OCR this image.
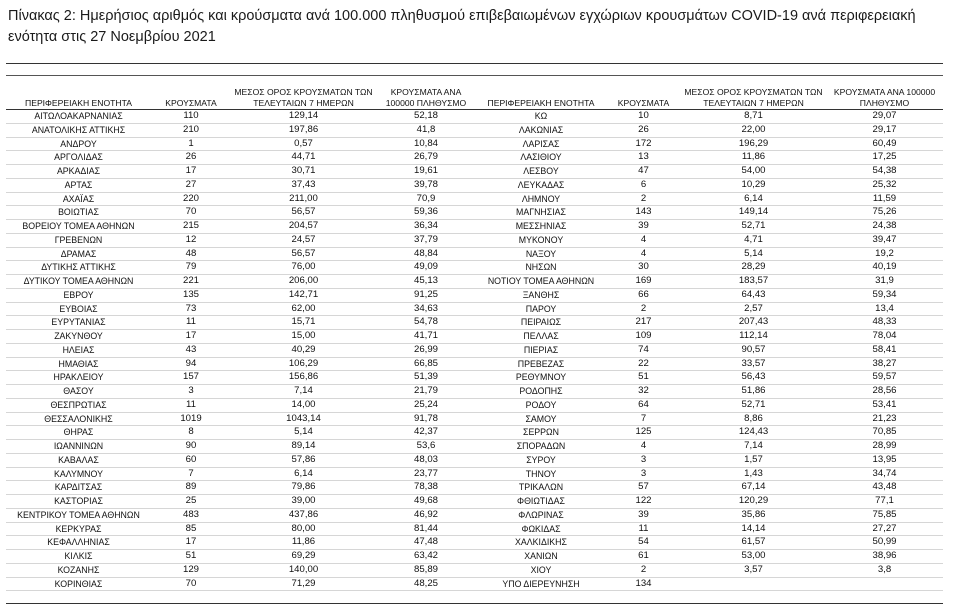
Πίνακας 2: Ημερήσιος αριθμός και κρούσματα ανά 100.000 πληθυσμού επιβεβαιωμένων εγχώριων κρουσμάτων COVID-19 ανά περιφερειακή ενότητα στις 27 Νοεμβρίου 2021
ΠΕΡΙΦΕΡΕΙΑΚΗ ΕΝΟΤΗΤΑ	ΚΡΟΥΣΜΑΤΑ	ΜΕΣΟΣ ΟΡΟΣ ΚΡΟΥΣΜΑΤΩΝ ΤΩΝ ΤΕΛΕΥΤΑΙΩΝ 7 ΗΜΕΡΩΝ	ΚΡΟΥΣΜΑΤΑ ΑΝΑ 100000 ΠΛΗΘΥΣΜΟ	ΠΕΡΙΦΕΡΕΙΑΚΗ ΕΝΟΤΗΤΑ	ΚΡΟΥΣΜΑΤΑ	ΜΕΣΟΣ ΟΡΟΣ ΚΡΟΥΣΜΑΤΩΝ ΤΩΝ ΤΕΛΕΥΤΑΙΩΝ 7 ΗΜΕΡΩΝ	ΚΡΟΥΣΜΑΤΑ ΑΝΑ 100000 ΠΛΗΘΥΣΜΟ
ΑΙΤΩΛΟΑΚΑΡΝΑΝΙΑΣ	110	129,14	52,18	ΚΩ	10	8,71	29,07
ΑΝΑΤΟΛΙΚΗΣ ΑΤΤΙΚΗΣ	210	197,86	41,8	ΛΑΚΩΝΙΑΣ	26	22,00	29,17
ΑΝΔΡΟΥ	1	0,57	10,84	ΛΑΡΙΣΑΣ	172	196,29	60,49
ΑΡΓΟΛΙΔΑΣ	26	44,71	26,79	ΛΑΣΙΘΙΟΥ	13	11,86	17,25
ΑΡΚΑΔΙΑΣ	17	30,71	19,61	ΛΕΣΒΟΥ	47	54,00	54,38
ΑΡΤΑΣ	27	37,43	39,78	ΛΕΥΚΑΔΑΣ	6	10,29	25,32
ΑΧΑΪΑΣ	220	211,00	70,9	ΛΗΜΝΟΥ	2	6,14	11,59
ΒΟΙΩΤΙΑΣ	70	56,57	59,36	ΜΑΓΝΗΣΙΑΣ	143	149,14	75,26
ΒΟΡΕΙΟΥ ΤΟΜΕΑ ΑΘΗΝΩΝ	215	204,57	36,34	ΜΕΣΣΗΝΙΑΣ	39	52,71	24,38
ΓΡΕΒΕΝΩΝ	12	24,57	37,79	ΜΥΚΟΝΟΥ	4	4,71	39,47
ΔΡΑΜΑΣ	48	56,57	48,84	ΝΑΞΟΥ	4	5,14	19,2
ΔΥΤΙΚΗΣ ΑΤΤΙΚΗΣ	79	76,00	49,09	ΝΗΣΩΝ	30	28,29	40,19
ΔΥΤΙΚΟΥ ΤΟΜΕΑ ΑΘΗΝΩΝ	221	206,00	45,13	ΝΟΤΙΟΥ ΤΟΜΕΑ ΑΘΗΝΩΝ	169	183,57	31,9
ΕΒΡΟΥ	135	142,71	91,25	ΞΑΝΘΗΣ	66	64,43	59,34
ΕΥΒΟΙΑΣ	73	62,00	34,63	ΠΑΡΟΥ	2	2,57	13,4
ΕΥΡΥΤΑΝΙΑΣ	11	15,71	54,78	ΠΕΙΡΑΙΩΣ	217	207,43	48,33
ΖΑΚΥΝΘΟΥ	17	15,00	41,71	ΠΕΛΛΑΣ	109	112,14	78,04
ΗΛΕΙΑΣ	43	40,29	26,99	ΠΙΕΡΙΑΣ	74	90,57	58,41
ΗΜΑΘΙΑΣ	94	106,29	66,85	ΠΡΕΒΕΖΑΣ	22	33,57	38,27
ΗΡΑΚΛΕΙΟΥ	157	156,86	51,39	ΡΕΘΥΜΝΟΥ	51	56,43	59,57
ΘΑΣΟΥ	3	7,14	21,79	ΡΟΔΟΠΗΣ	32	51,86	28,56
ΘΕΣΠΡΩΤΙΑΣ	11	14,00	25,24	ΡΟΔΟΥ	64	52,71	53,41
ΘΕΣΣΑΛΟΝΙΚΗΣ	1019	1043,14	91,78	ΣΑΜΟΥ	7	8,86	21,23
ΘΗΡΑΣ	8	5,14	42,37	ΣΕΡΡΩΝ	125	124,43	70,85
ΙΩΑΝΝΙΝΩΝ	90	89,14	53,6	ΣΠΟΡΑΔΩΝ	4	7,14	28,99
ΚΑΒΑΛΑΣ	60	57,86	48,03	ΣΥΡΟΥ	3	1,57	13,95
ΚΑΛΥΜΝΟΥ	7	6,14	23,77	ΤΗΝΟΥ	3	1,43	34,74
ΚΑΡΔΙΤΣΑΣ	89	79,86	78,38	ΤΡΙΚΑΛΩΝ	57	67,14	43,48
ΚΑΣΤΟΡΙΑΣ	25	39,00	49,68	ΦΘΙΩΤΙΔΑΣ	122	120,29	77,1
ΚΕΝΤΡΙΚΟΥ ΤΟΜΕΑ ΑΘΗΝΩΝ	483	437,86	46,92	ΦΛΩΡΙΝΑΣ	39	35,86	75,85
ΚΕΡΚΥΡΑΣ	85	80,00	81,44	ΦΩΚΙΔΑΣ	11	14,14	27,27
ΚΕΦΑΛΛΗΝΙΑΣ	17	11,86	47,48	ΧΑΛΚΙΔΙΚΗΣ	54	61,57	50,99
ΚΙΛΚΙΣ	51	69,29	63,42	ΧΑΝΙΩΝ	61	53,00	38,96
ΚΟΖΑΝΗΣ	129	140,00	85,89	ΧΙΟΥ	2	3,57	3,8
ΚΟΡΙΝΘΙΑΣ	70	71,29	48,25	ΥΠΟ ΔΙΕΡΕΥΝΗΣΗ	134		
